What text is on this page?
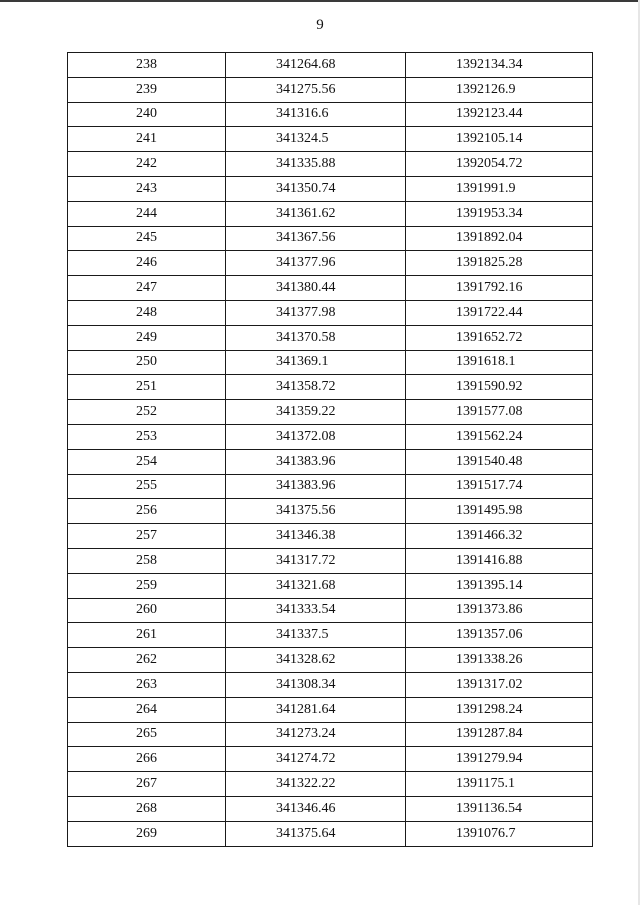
9
238	341264.68	1392134.34
239	341275.56	1392126.9
240	341316.6	1392123.44
241	341324.5	1392105.14
242	341335.88	1392054.72
243	341350.74	1391991.9
244	341361.62	1391953.34
245	341367.56	1391892.04
246	341377.96	1391825.28
247	341380.44	1391792.16
248	341377.98	1391722.44
249	341370.58	1391652.72
250	341369.1	1391618.1
251	341358.72	1391590.92
252	341359.22	1391577.08
253	341372.08	1391562.24
254	341383.96	1391540.48
255	341383.96	1391517.74
256	341375.56	1391495.98
257	341346.38	1391466.32
258	341317.72	1391416.88
259	341321.68	1391395.14
260	341333.54	1391373.86
261	341337.5	1391357.06
262	341328.62	1391338.26
263	341308.34	1391317.02
264	341281.64	1391298.24
265	341273.24	1391287.84
266	341274.72	1391279.94
267	341322.22	1391175.1
268	341346.46	1391136.54
269	341375.64	1391076.7
